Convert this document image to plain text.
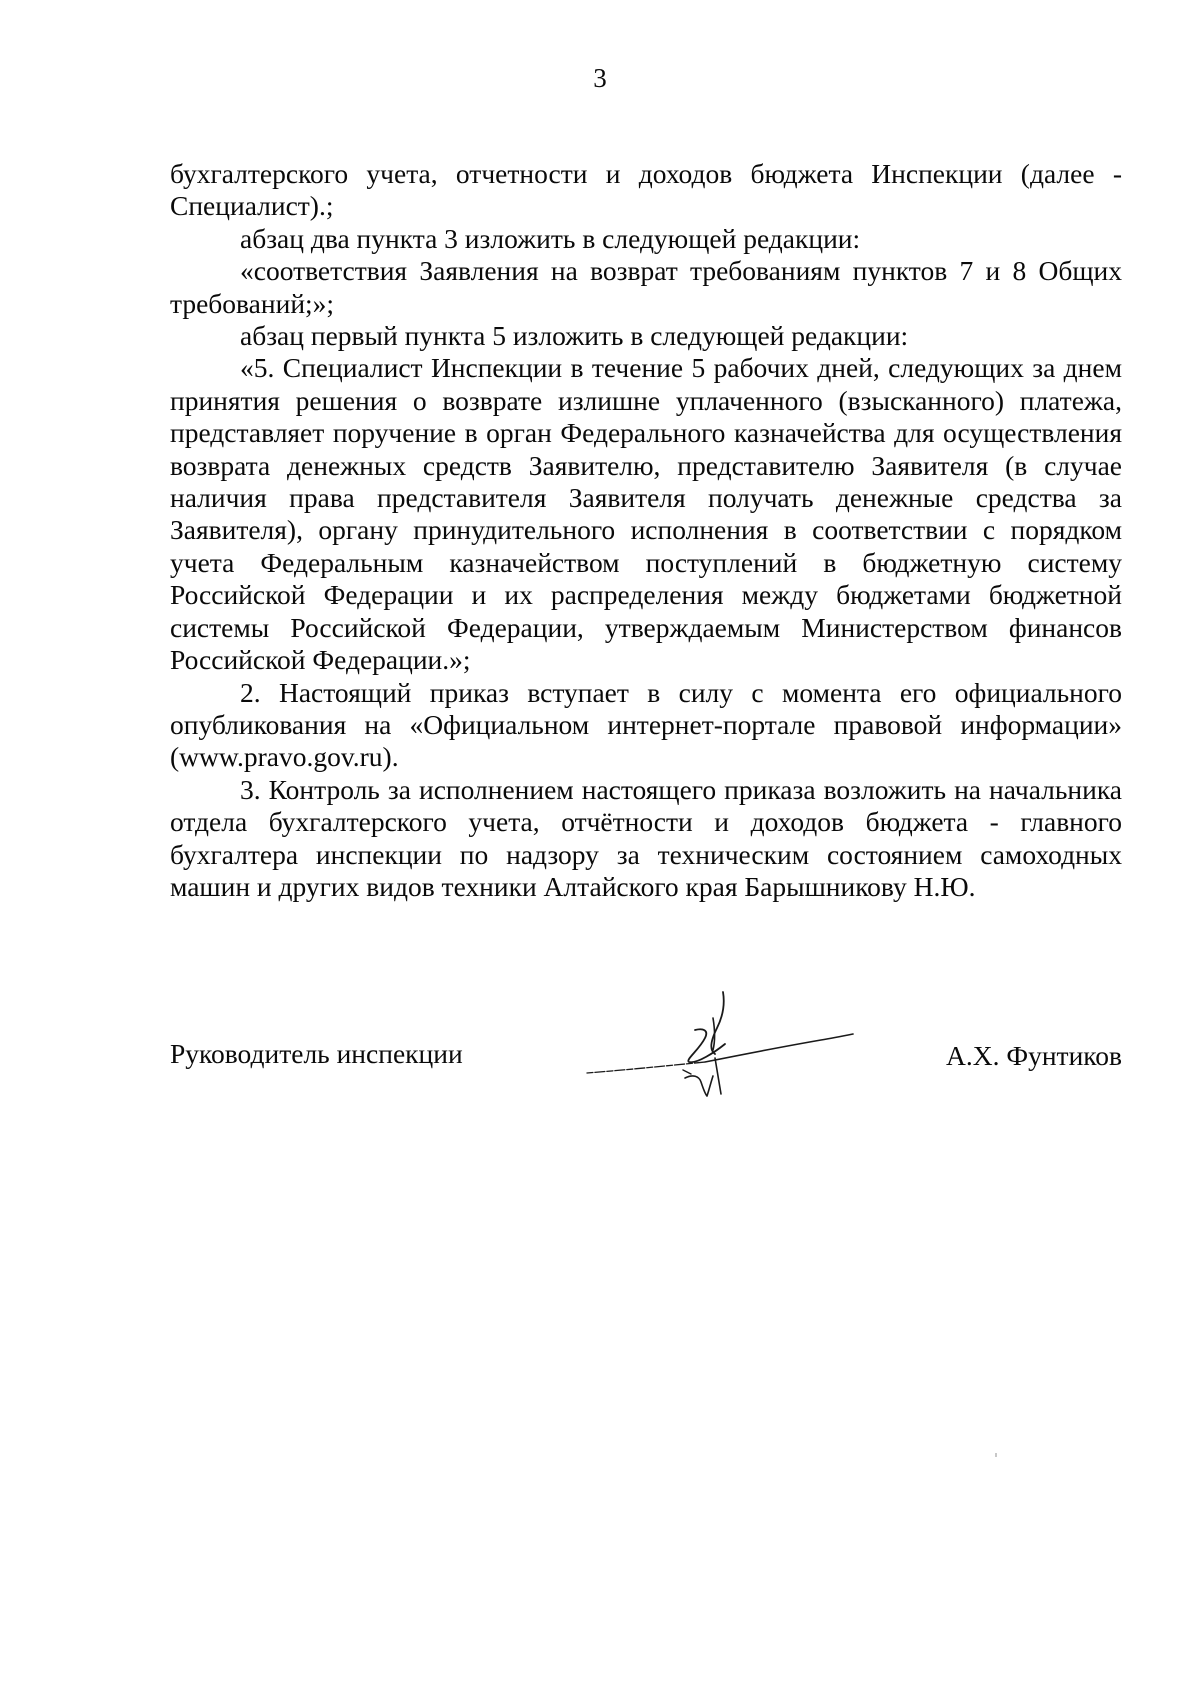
3

бухгалтерского учета, отчетности и доходов бюджета Инспекции (далее - Специалист).;

абзац два пункта 3 изложить в следующей редакции:

«соответствия Заявления на возврат требованиям пунктов 7 и 8 Общих требований;»;

абзац первый пункта 5 изложить в следующей редакции:

«5. Специалист Инспекции в течение 5 рабочих дней, следующих за днем принятия решения о возврате излишне уплаченного (взысканного) платежа, представляет поручение в орган Федерального казначейства для осуществления возврата денежных средств Заявителю, представителю Заявителя (в случае наличия права представителя Заявителя получать денежные средства за Заявителя), органу принудительного исполнения в соответствии с порядком учета Федеральным казначейством поступлений в бюджетную систему Российской Федерации и их распределения между бюджетами бюджетной системы Российской Федерации, утверждаемым Министерством финансов Российской Федерации.»;

2. Настоящий приказ вступает в силу с момента его официального опубликования на «Официальном интернет-портале правовой информации» (www.pravo.gov.ru).

3. Контроль за исполнением настоящего приказа возложить на начальника отдела бухгалтерского учета, отчётности и доходов бюджета - главного бухгалтера инспекции по надзору за техническим состоянием самоходных машин и других видов техники Алтайского края Барышникову Н.Ю.

Руководитель инспекции	А.Х. Фунтиков
